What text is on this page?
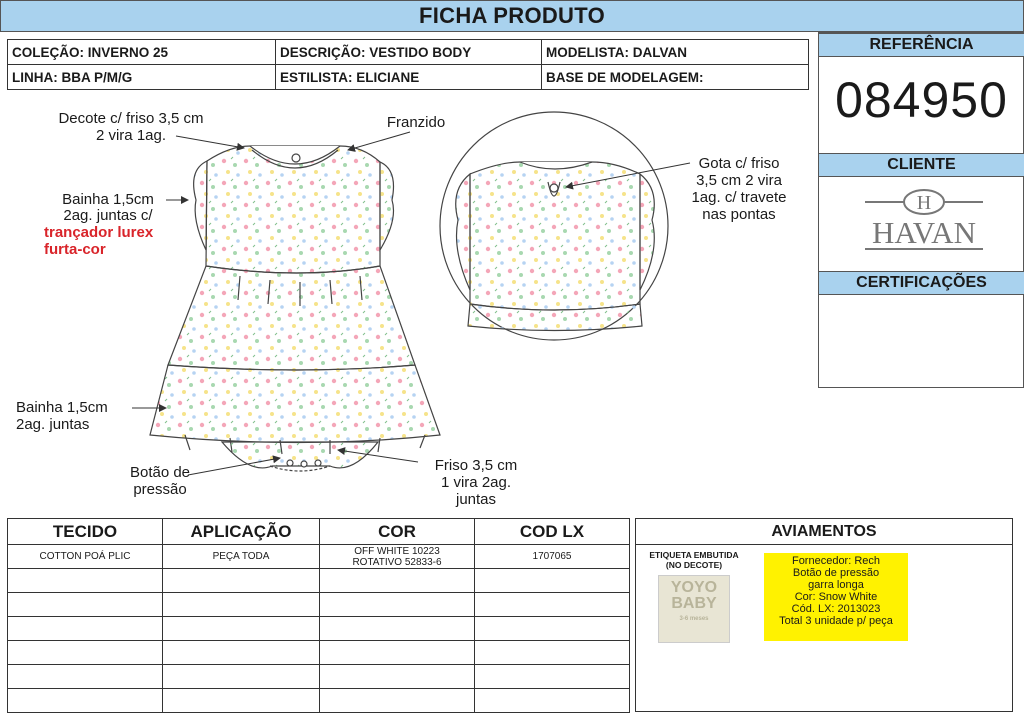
FICHA PRODUTO
COLEÇÃO: INVERNO 25	DESCRIÇÃO: VESTIDO BODY	MODELISTA: DALVAN
LINHA: BBA P/M/G	ESTILISTA: ELICIANE	BASE DE MODELAGEM:
REFERÊNCIA
084950
CLIENTE
H
HAVAN
CERTIFICAÇÕES
Decote c/ friso 3,5 cm
2 vira 1ag.
Franzido
Bainha 1,5cm
2ag. juntas c/
trançador lurex
furta-cor
Bainha 1,5cm
2ag. juntas
Botão de
pressão
Friso 3,5 cm
1 vira 2ag.
juntas
Gota c/ friso
3,5 cm 2 vira
1ag. c/ travete
nas pontas
TECIDO	APLICAÇÃO	COR	COD LX
COTTON POÁ PLIC	PEÇA TODA	OFF WHITE 10223
ROTATIVO 52833-6	1707065

AVIAMENTOS
ETIQUETA EMBUTIDA
(NO DECOTE)
YOYO
BABY
3-6 meses
Fornecedor: Rech
Botão de pressão
garra longa
Cor: Snow White
Cód. LX: 2013023
Total 3 unidade p/ peça
